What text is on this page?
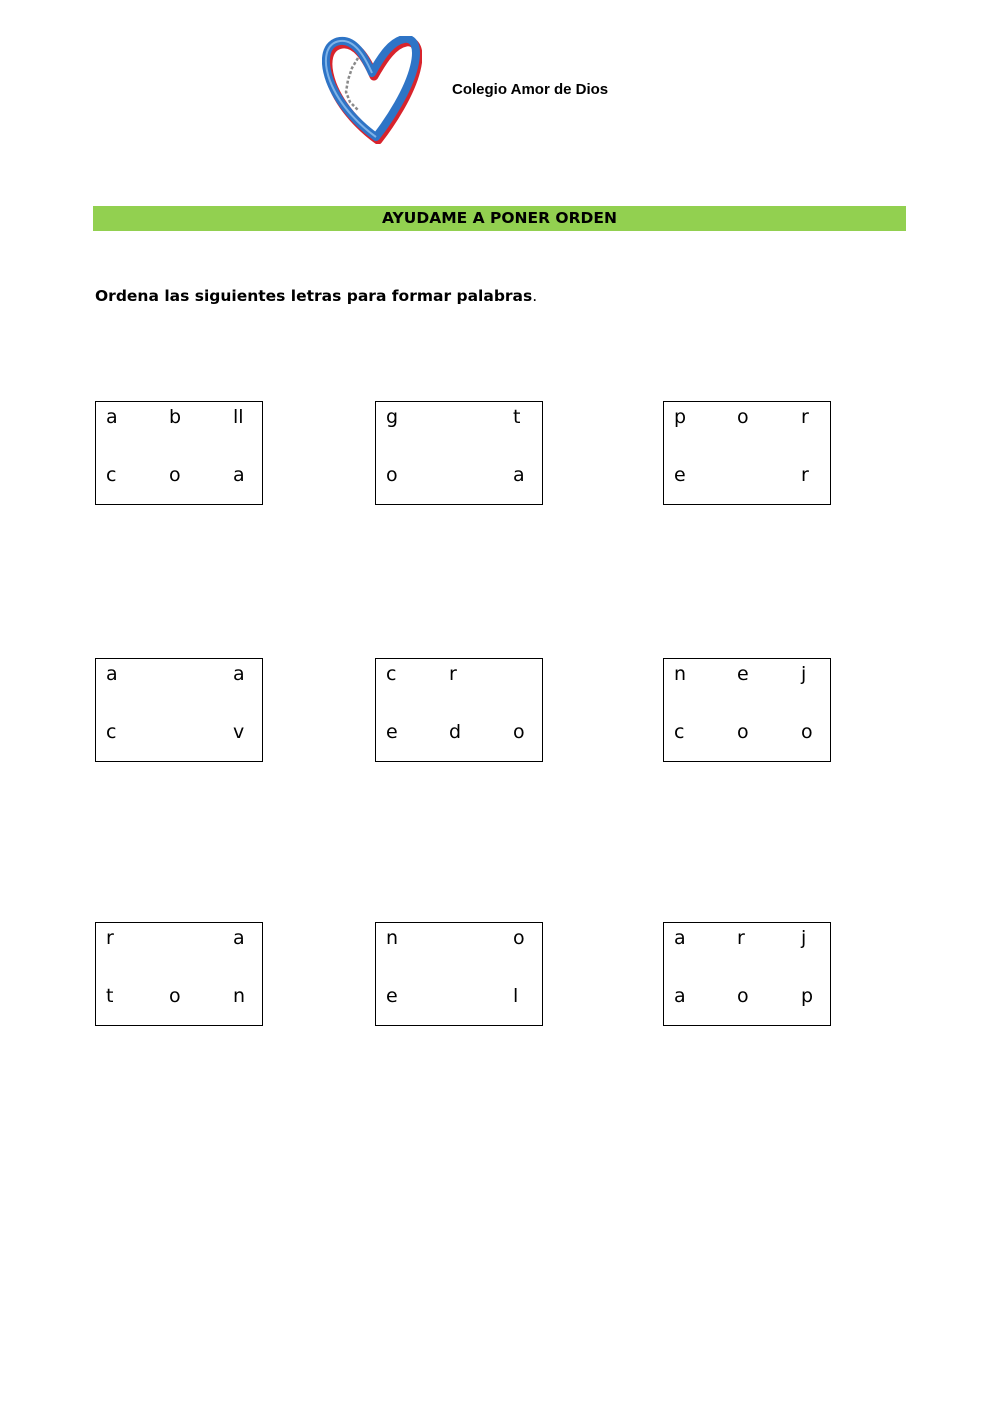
Colegio Amor de Dios
AYUDAME A PONER ORDEN
Ordena las siguientes letras para formar palabras.
a	b	ll
c	o	a
g	t
o	a
p	o	r
e	r
a	a
c	v
c	r
e	d	o
n	e	j
c	o	o
r	a
t	o	n
n	o
e	l
a	r	j
a	o	p
